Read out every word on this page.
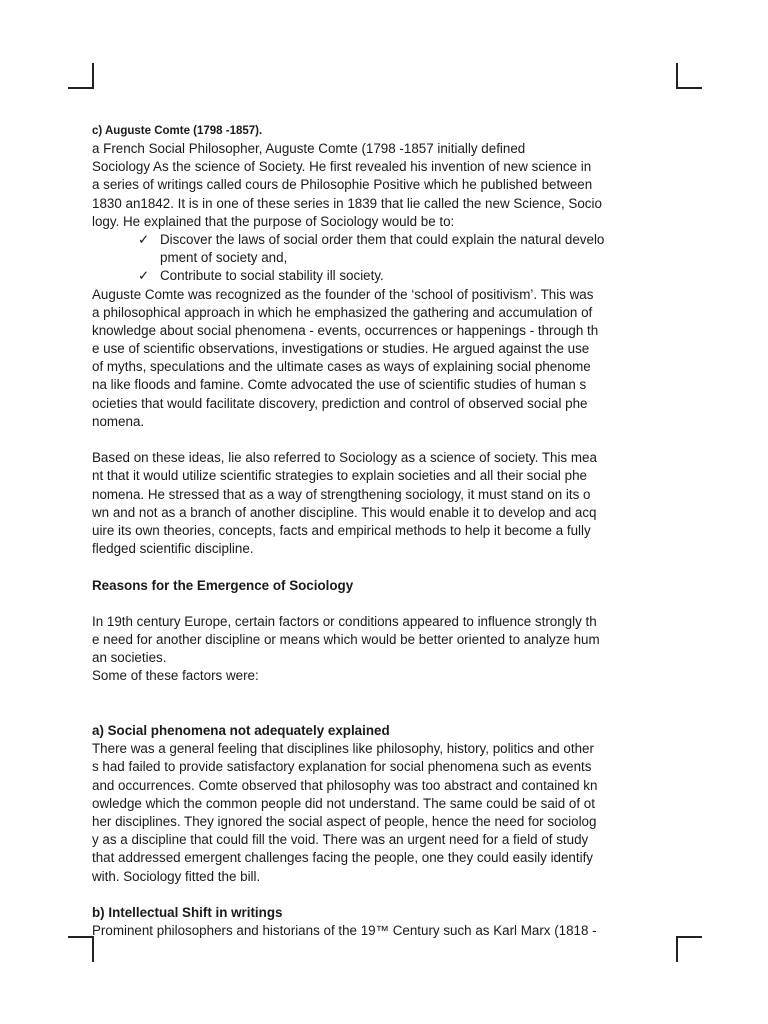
c) Auguste Comte (1798 -1857).
a French Social Philosopher, Auguste Comte (1798 -1857 initially defined
Sociology As the science of Society. He first revealed his invention of new science in
a series of writings called cours de Philosophie Positive which he published between
1830 an1842. It is in one of these series in 1839 that lie called the new Science, Socio
logy. He explained that the purpose of Sociology would be to:
✓ Discover the laws of social order them that could explain the natural develo
pment of society and,
✓ Contribute to social stability ill society.
Auguste Comte was recognized as the founder of the ‘school of positivism’. This was
a philosophical approach in which he emphasized the gathering and accumulation of
knowledge about social phenomena - events, occurrences or happenings - through th
e use of scientific observations, investigations or studies. He argued against the use
of myths, speculations and the ultimate cases as ways of explaining social phenome
na like floods and famine. Comte advocated the use of scientific studies of human s
ocieties that would facilitate discovery, prediction and control of observed social phe
nomena.
Based on these ideas, lie also referred to Sociology as a science of society. This mea
nt that it would utilize scientific strategies to explain societies and all their social phe
nomena. He stressed that as a way of strengthening sociology, it must stand on its o
wn and not as a branch of another discipline. This would enable it to develop and acq
uire its own theories, concepts, facts and empirical methods to help it become a fully
fledged scientific discipline.
Reasons for the Emergence of Sociology
In 19th century Europe, certain factors or conditions appeared to influence strongly th
e need for another discipline or means which would be better oriented to analyze hum
an societies.
Some of these factors were:
a) Social phenomena not adequately explained
There was a general feeling that disciplines like philosophy, history, politics and other
s had failed to provide satisfactory explanation for social phenomena such as events
and occurrences. Comte observed that philosophy was too abstract and contained kn
owledge which the common people did not understand. The same could be said of ot
her disciplines. They ignored the social aspect of people, hence the need for sociolog
y as a discipline that could fill the void. There was an urgent need for a field of study
that addressed emergent challenges facing the people, one they could easily identify
with. Sociology fitted the bill.
b) Intellectual Shift in writings
Prominent philosophers and historians of the 19™ Century such as Karl Marx (1818 -
